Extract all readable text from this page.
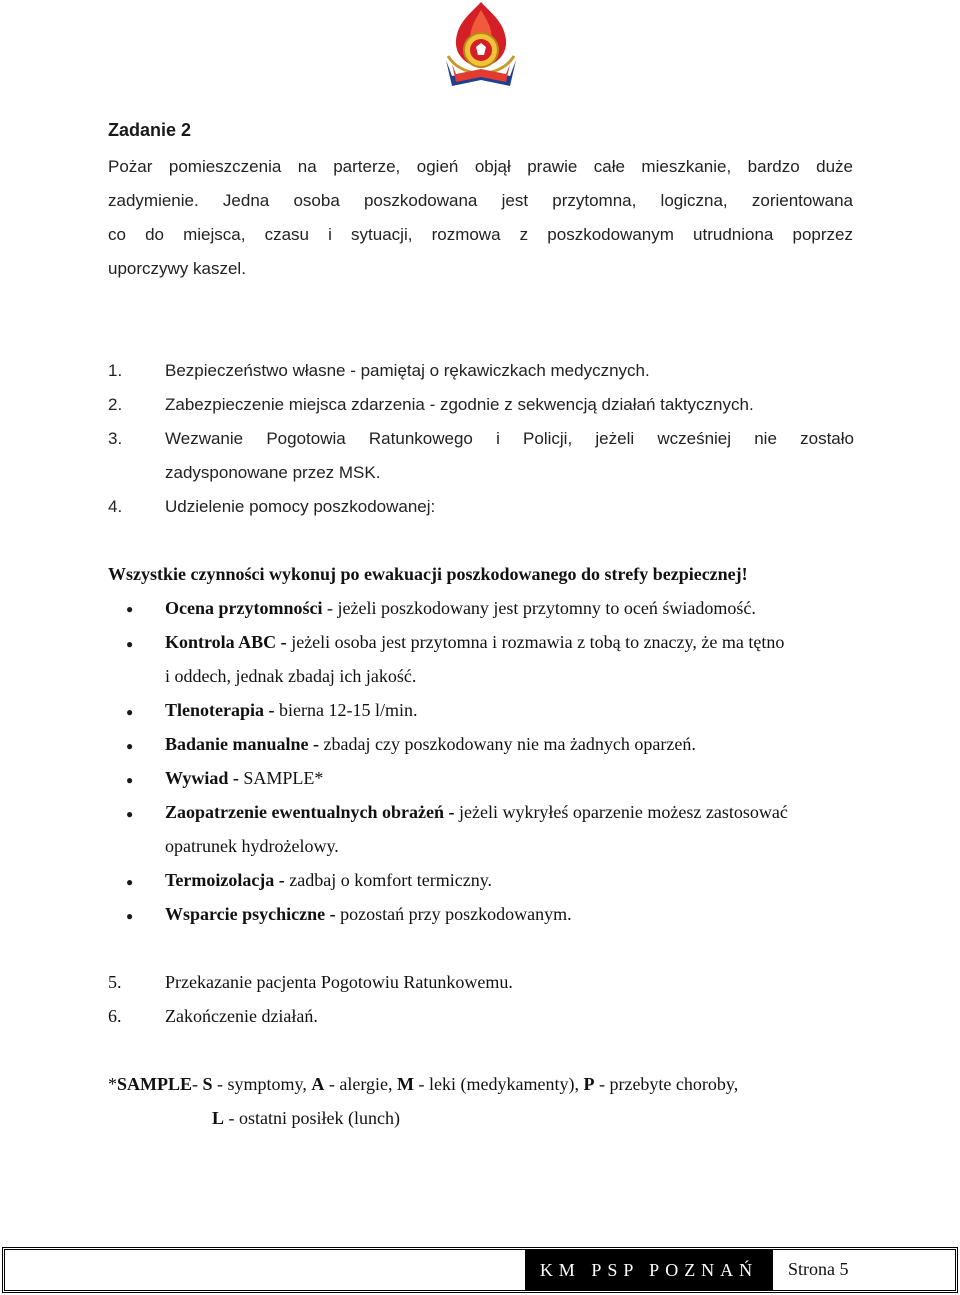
Zadanie 2
Pożar pomieszczenia na parterze, ogień objął prawie całe mieszkanie, bardzo duże
zadymienie. Jedna osoba poszkodowana jest przytomna, logiczna, zorientowana
co do miejsca, czasu i sytuacji, rozmowa z poszkodowanym utrudniona poprzez
uporczywy kaszel.
1.	Bezpieczeństwo własne - pamiętaj o rękawiczkach medycznych.
2.	Zabezpieczenie miejsca zdarzenia - zgodnie z sekwencją działań taktycznych.
3.	Wezwanie Pogotowia Ratunkowego i Policji, jeżeli wcześniej nie zostało
zadysponowane przez MSK.
4.	Udzielenie pomocy poszkodowanej:
Wszystkie czynności wykonuj po ewakuacji poszkodowanego do strefy bezpiecznej!
● Ocena przytomności - jeżeli poszkodowany jest przytomny to oceń świadomość.
● Kontrola ABC - jeżeli osoba jest przytomna i rozmawia z tobą to znaczy, że ma tętno
i oddech, jednak zbadaj ich jakość.
● Tlenoterapia - bierna 12-15 l/min.
● Badanie manualne - zbadaj czy poszkodowany nie ma żadnych oparzeń.
● Wywiad - SAMPLE*
● Zaopatrzenie ewentualnych obrażeń - jeżeli wykryłeś oparzenie możesz zastosować
opatrunek hydrożelowy.
● Termoizolacja - zadbaj o komfort termiczny.
● Wsparcie psychiczne - pozostań przy poszkodowanym.
5. Przekazanie pacjenta Pogotowiu Ratunkowemu.
6. Zakończenie działań.
*SAMPLE- S - symptomy, A - alergie, M - leki (medykamenty), P - przebyte choroby,
L - ostatni posiłek (lunch)
KM PSP POZNAŃ	Strona 5
